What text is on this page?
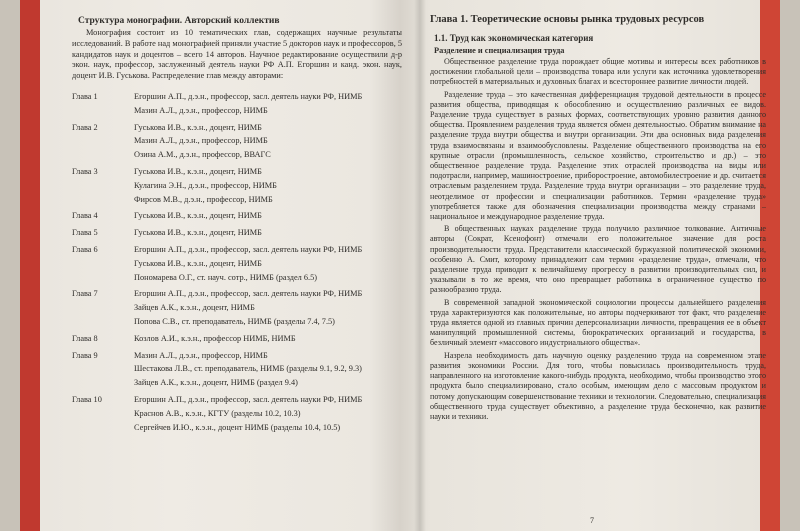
Структура монографии. Авторский коллектив

Монография состоит из 10 тематических глав, содержащих научные результаты исследований. В работе над монографией приняли участие 5 докторов наук и профессоров, 5 кандидатов наук и доцентов – всего 14 авторов. Научное редактирование осуществили д-р экон. наук, профессор, заслуженный деятель науки РФ А.П. Егоршин и канд. экон. наук, доцент И.В. Гуськова. Распределение глав между авторами:

Глава 1	Егоршин А.П., д.э.н., профессор, засл. деятель науки РФ, НИМБ
Мазин А.Л., д.э.н., профессор, НИМБ
Глава 2	Гуськова И.В., к.э.н., доцент, НИМБ
Мазин А.Л., д.э.н., профессор, НИМБ
Озина А.М., д.э.н., профессор, ВВАГС
Глава 3	Гуськова И.В., к.э.н., доцент, НИМБ
Кулагина Э.Н., д.э.н., профессор, НИМБ
Фирсов М.В., д.э.н., профессор, НИМБ
Глава 4	Гуськова И.В., к.э.н., доцент, НИМБ
Глава 5	Гуськова И.В., к.э.н., доцент, НИМБ
Глава 6	Егоршин А.П., д.э.н., профессор, засл. деятель науки РФ, НИМБ
Гуськова И.В., к.э.н., доцент, НИМБ
Пономарева О.Г., ст. науч. сотр., НИМБ (раздел 6.5)
Глава 7	Егоршин А.П., д.э.н., профессор, засл. деятель науки РФ, НИМБ
Зайцев А.К., к.э.н., доцент, НИМБ
Попова С.В., ст. преподаватель, НИМБ (разделы 7.4, 7.5)
Глава 8	Козлов А.И., к.э.н., профессор НИМБ, НИМБ
Глава 9	Мазин А.Л., д.э.н., профессор, НИМБ
Шестакова Л.В., ст. преподаватель, НИМБ (разделы 9.1, 9.2, 9.3)
Зайцев А.К., к.э.н., доцент, НИМБ (раздел 9.4)
Глава 10	Егоршин А.П., д.э.н., профессор, засл. деятель науки РФ, НИМБ
Краснов А.В., к.э.н., КГТУ (разделы 10.2, 10.3)
Сергейчев И.Ю., к.э.н., доцент НИМБ (разделы 10.4, 10.5)
Глава 1. Теоретические основы рынка трудовых ресурсов
1.1. Труд как экономическая категория
Разделение и специализация труда

Общественное разделение труда порождает общие мотивы и интересы всех работников в достижении глобальной цели – производства товара или услуги как источника удовлетворения потребностей в материальных и духовных благах и всестороннее развитие личности людей.

Разделение труда – это качественная дифференциация трудовой деятельности в процессе развития общества, приводящая к обособлению и осуществлению различных ее видов. Разделение труда существует в разных формах, соответствующих уровню развития данного общества. Проявлением разделения труда является обмен деятельностью. Обратим внимание на разделение труда внутри общества и внутри организации. Эти два основных вида разделения труда взаимосвязаны и взаимообусловлены. Разделение общественного производства на его крупные отрасли (промышленность, сельское хозяйство, строительство и др.) – это общественное разделение труда. Разделение этих отраслей производства на виды или подотрасли, например, машиностроение, приборостроение, автомобилестроение и др. считается отраслевым разделением труда. Разделение труда внутри организации – это разделение труда, неотделимое от профессии и специализации работников. Термин «разделение труда» употребляется также для обозначения специализации производства между странами – национальное и международное разделение труда.

В общественных науках разделение труда получило различное толкование. Античные авторы (Сократ, Ксенофонт) отмечали его положительное значение для роста производительности труда. Представители классической буржуазной политической экономии, особенно А. Смит, которому принадлежит сам термин «разделение труда», отмечали, что разделение труда приводит к величайшему прогрессу в развитии производительных сил, и указывали в то же время, что оно превращает работника в ограниченное существо по разнообразию труда.

В современной западной экономической социологии процессы дальнейшего разделения труда характеризуются как положительные, но авторы подчеркивают тот факт, что разделение труда является одной из главных причин деперсонализации личности, превращения ее в объект манипуляций промышленной системы, бюрократических организаций и государства, в безличный элемент «массового индустриального общества».

Назрела необходимость дать научную оценку разделению труда на современном этапе развития экономики России. Для того, чтобы повысилась производительность труда, направленного на изготовление какого-нибудь продукта, необходимо, чтобы производство этого продукта было специализировано, стало особым, имеющим дело с массовым продуктом и потому допускающим совершенствование техники и технологии. Следовательно, специализация общественного труда существует объективно, а разделение труда бесконечно, как развитие науки и техники.

7
